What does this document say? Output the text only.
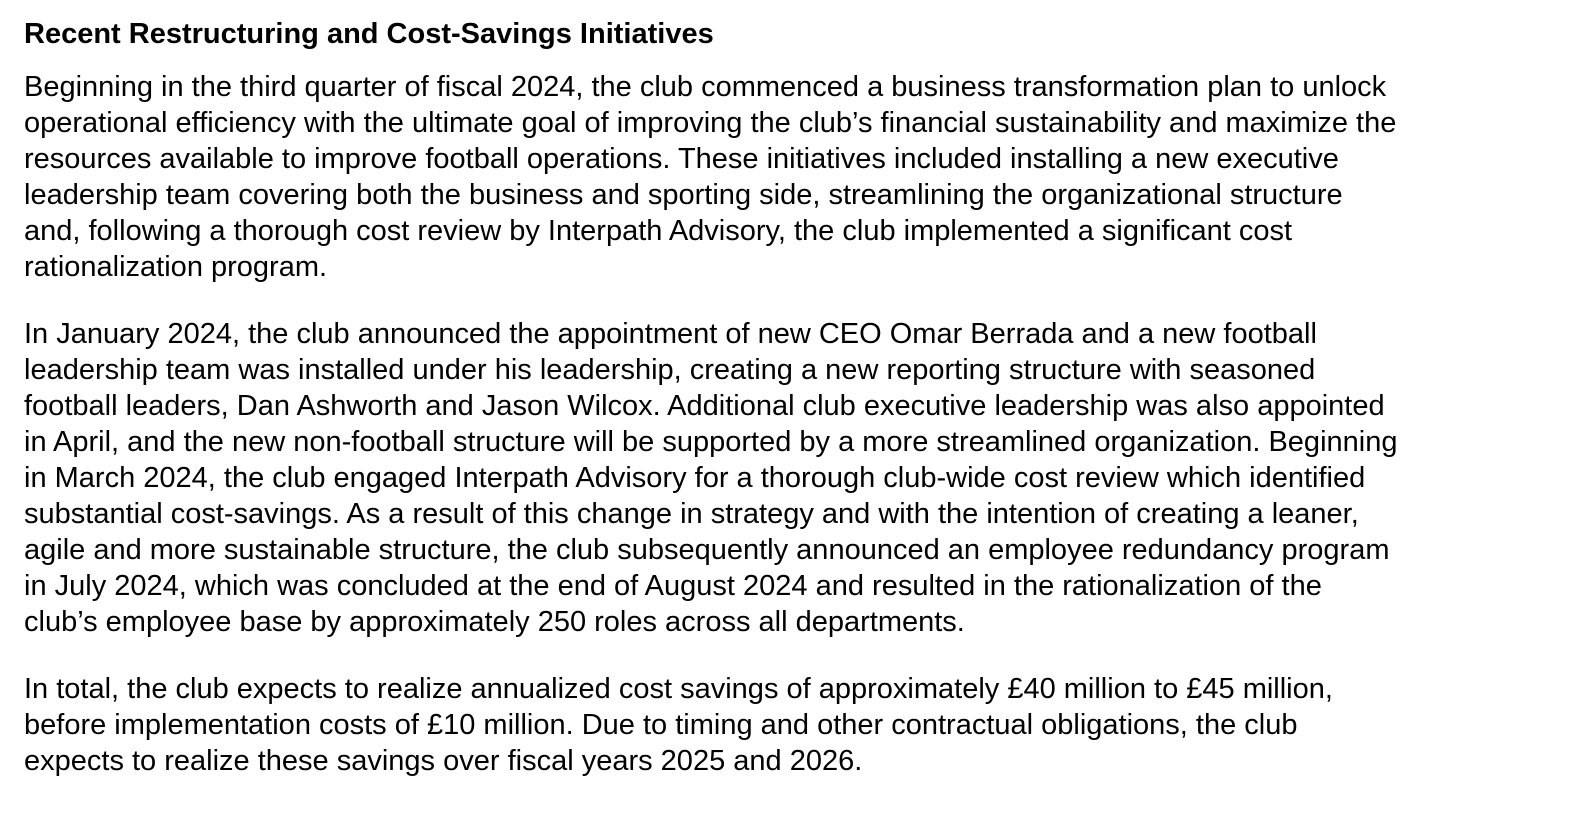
Recent Restructuring and Cost-Savings Initiatives
Beginning in the third quarter of fiscal 2024, the club commenced a business transformation plan to unlock
operational efficiency with the ultimate goal of improving the club’s financial sustainability and maximize the
resources available to improve football operations. These initiatives included installing a new executive
leadership team covering both the business and sporting side, streamlining the organizational structure
and, following a thorough cost review by Interpath Advisory, the club implemented a significant cost
rationalization program.
In January 2024, the club announced the appointment of new CEO Omar Berrada and a new football
leadership team was installed under his leadership, creating a new reporting structure with seasoned
football leaders, Dan Ashworth and Jason Wilcox. Additional club executive leadership was also appointed
in April, and the new non-football structure will be supported by a more streamlined organization. Beginning
in March 2024, the club engaged Interpath Advisory for a thorough club-wide cost review which identified
substantial cost-savings. As a result of this change in strategy and with the intention of creating a leaner,
agile and more sustainable structure, the club subsequently announced an employee redundancy program
in July 2024, which was concluded at the end of August 2024 and resulted in the rationalization of the
club’s employee base by approximately 250 roles across all departments.
In total, the club expects to realize annualized cost savings of approximately £40 million to £45 million,
before implementation costs of £10 million. Due to timing and other contractual obligations, the club
expects to realize these savings over fiscal years 2025 and 2026.
